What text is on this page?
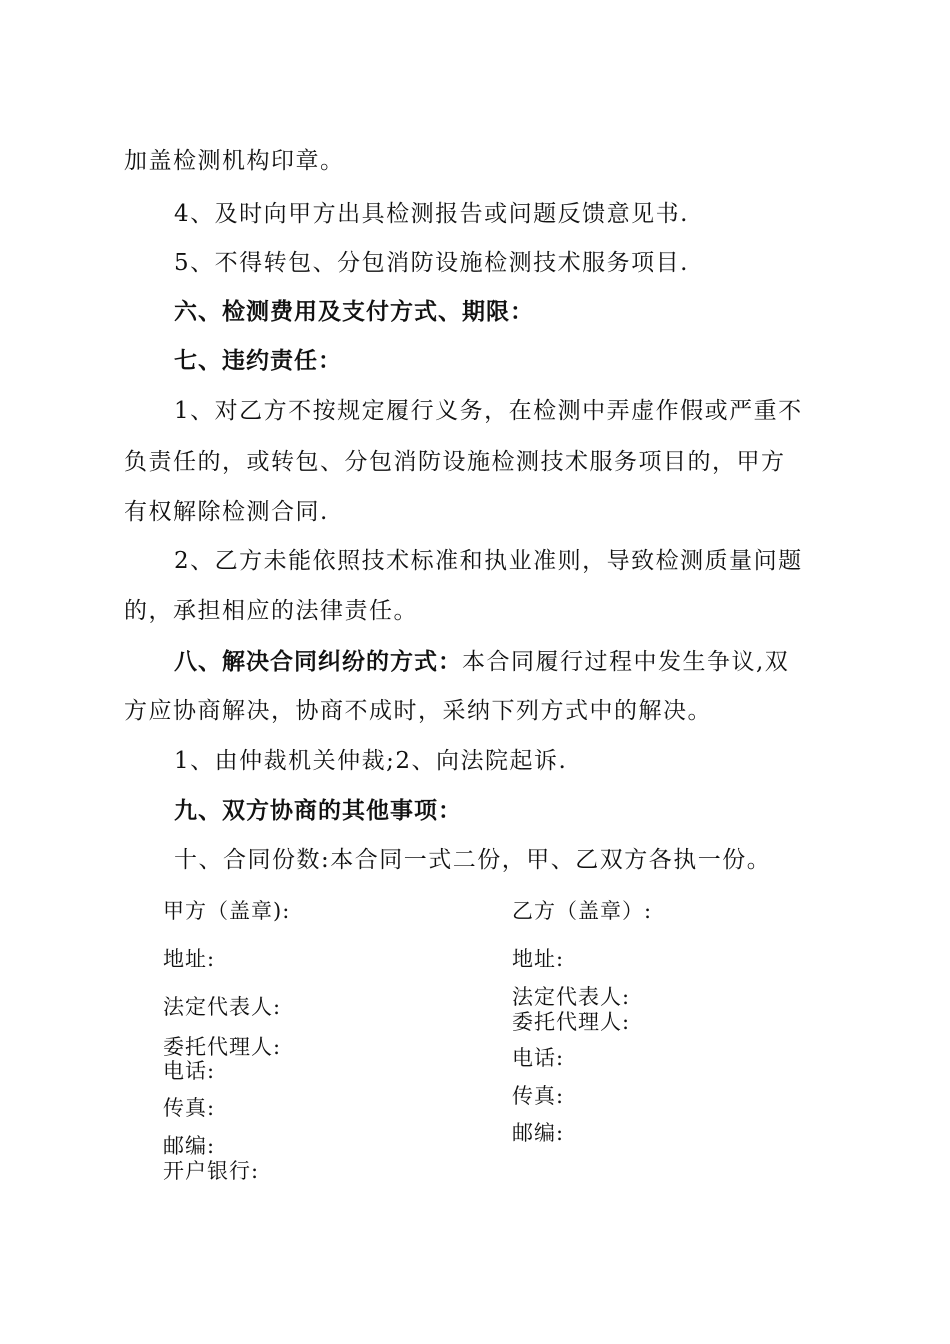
加盖检测机构印章。
4、及时向甲方出具检测报告或问题反馈意见书.
5、不得转包、分包消防设施检测技术服务项目.
六、检测费用及支付方式、期限：
七、违约责任：
1、对乙方不按规定履行义务，在检测中弄虚作假或严重不
负责任的，或转包、分包消防设施检测技术服务项目的，甲方
有权解除检测合同.
2、乙方未能依照技术标准和执业准则，导致检测质量问题
的，承担相应的法律责任。
八、解决合同纠纷的方式：本合同履行过程中发生争议,双
方应协商解决，协商不成时，采纳下列方式中的解决。
1、由仲裁机关仲裁;2、向法院起诉.
九、双方协商的其他事项：
十、合同份数:本合同一式二份，甲、乙双方各执一份。
甲方（盖章):
地址:
法定代表人:
委托代理人:
电话:
传真:
邮编:
开户银行:
乙方（盖章）:
地址:
法定代表人:
委托代理人:
电话:
传真:
邮编:
